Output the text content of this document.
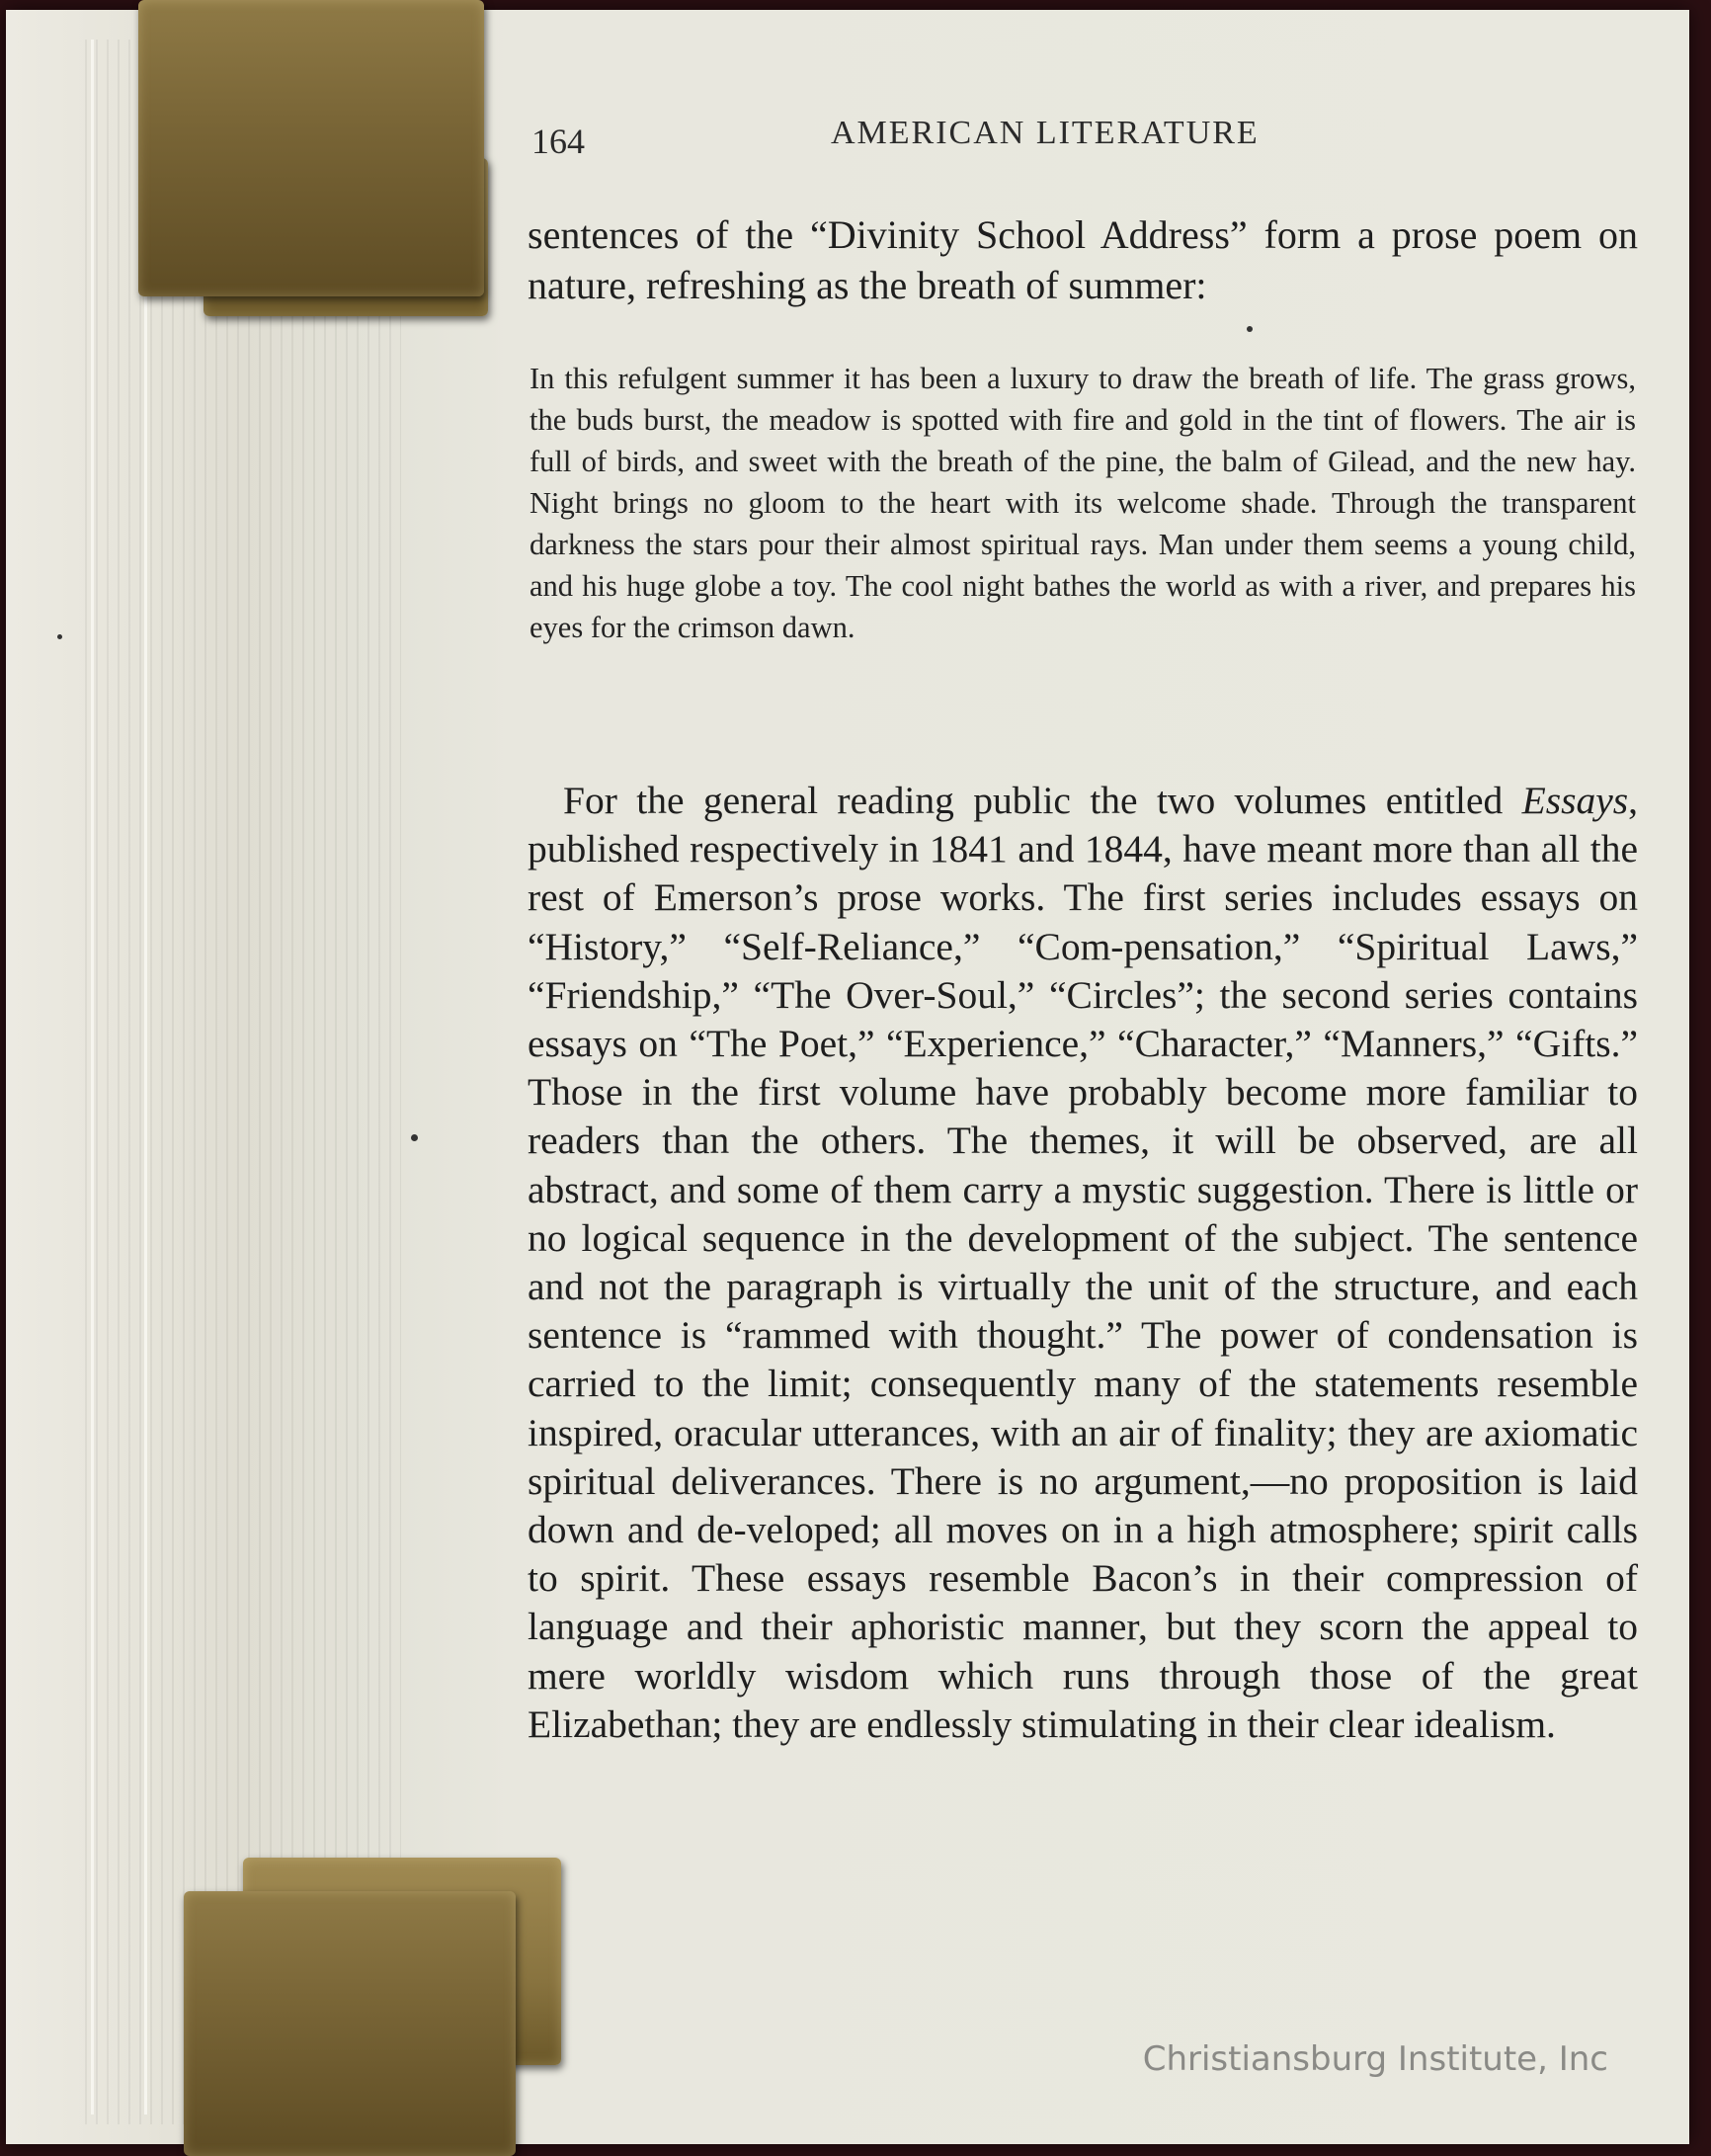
164	AMERICAN LITERATURE

sentences of the “Divinity School Address” form a prose poem on nature, refreshing as the breath of summer:

In this refulgent summer it has been a luxury to draw the breath of life. The grass grows, the buds burst, the meadow is spotted with fire and gold in the tint of flowers. The air is full of birds, and sweet with the breath of the pine, the balm of Gilead, and the new hay. Night brings no gloom to the heart with its welcome shade. Through the transparent darkness the stars pour their almost spiritual rays. Man under them seems a young child, and his huge globe a toy. The cool night bathes the world as with a river, and prepares his eyes for the crimson dawn.

For the general reading public the two volumes entitled Essays, published respectively in 1841 and 1844, have meant more than all the rest of Emerson’s prose works. The first series includes essays on “History,” “Self-Reliance,” “Com-pensation,” “Spiritual Laws,” “Friendship,” “The Over-Soul,” “Circles”; the second series contains essays on “The Poet,” “Experience,” “Character,” “Manners,” “Gifts.” Those in the first volume have probably become more familiar to readers than the others. The themes, it will be observed, are all abstract, and some of them carry a mystic suggestion. There is little or no logical sequence in the development of the subject. The sentence and not the paragraph is virtually the unit of the structure, and each sentence is “rammed with thought.” The power of condensation is carried to the limit; consequently many of the statements resemble inspired, oracular utterances, with an air of finality; they are axiomatic spiritual deliverances. There is no argument,—no proposition is laid down and de-veloped; all moves on in a high atmosphere; spirit calls to spirit. These essays resemble Bacon’s in their compression of language and their aphoristic manner, but they scorn the appeal to mere worldly wisdom which runs through those of the great Elizabethan; they are endlessly stimulating in their clear idealism.

Christiansburg Institute, Inc
